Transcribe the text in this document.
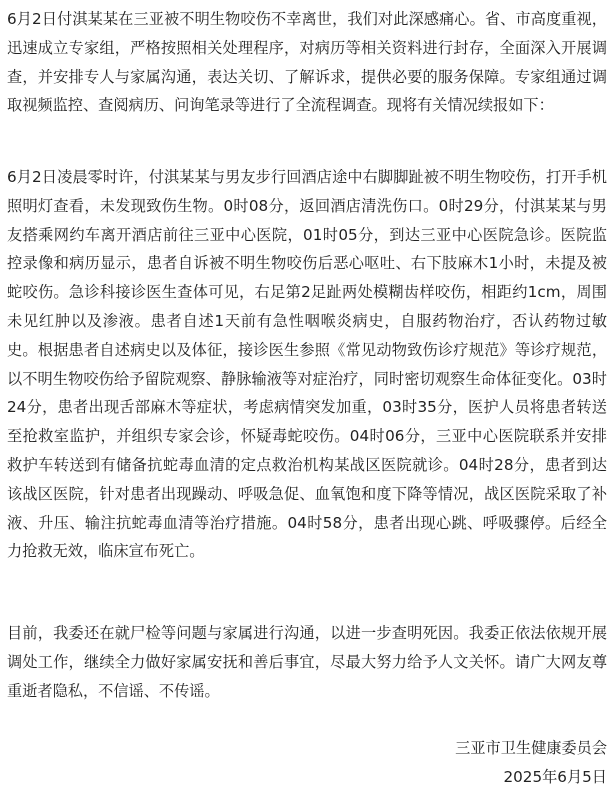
6月2日付淇某某在三亚被不明生物咬伤不幸离世，我们对此深感痛心。省、市高度重视，迅速成立专家组，严格按照相关处理程序，对病历等相关资料进行封存，全面深入开展调查，并安排专人与家属沟通，表达关切、了解诉求，提供必要的服务保障。专家组通过调取视频监控、查阅病历、问询笔录等进行了全流程调查。现将有关情况续报如下：

6月2日凌晨零时许，付淇某某与男友步行回酒店途中右脚脚趾被不明生物咬伤，打开手机照明灯查看，未发现致伤生物。0时08分，返回酒店清洗伤口。0时29分，付淇某某与男友搭乘网约车离开酒店前往三亚中心医院，01时05分，到达三亚中心医院急诊。医院监控录像和病历显示，患者自诉被不明生物咬伤后恶心呕吐、右下肢麻木1小时，未提及被蛇咬伤。急诊科接诊医生查体可见，右足第2足趾两处模糊齿样咬伤，相距约1cm，周围未见红肿以及渗液。患者自述1天前有急性咽喉炎病史，自服药物治疗，否认药物过敏史。根据患者自述病史以及体征，接诊医生参照《常见动物致伤诊疗规范》等诊疗规范，以不明生物咬伤给予留院观察、静脉输液等对症治疗，同时密切观察生命体征变化。03时24分，患者出现舌部麻木等症状，考虑病情突发加重，03时35分，医护人员将患者转送至抢救室监护，并组织专家会诊，怀疑毒蛇咬伤。04时06分，三亚中心医院联系并安排救护车转送到有储备抗蛇毒血清的定点救治机构某战区医院就诊。04时28分，患者到达该战区医院，针对患者出现躁动、呼吸急促、血氧饱和度下降等情况，战区医院采取了补液、升压、输注抗蛇毒血清等治疗措施。04时58分，患者出现心跳、呼吸骤停。后经全力抢救无效，临床宣布死亡。

目前，我委还在就尸检等问题与家属进行沟通，以进一步查明死因。我委正依法依规开展调处工作，继续全力做好家属安抚和善后事宜，尽最大努力给予人文关怀。请广大网友尊重逝者隐私，不信谣、不传谣。

三亚市卫生健康委员会
2025年6月5日
